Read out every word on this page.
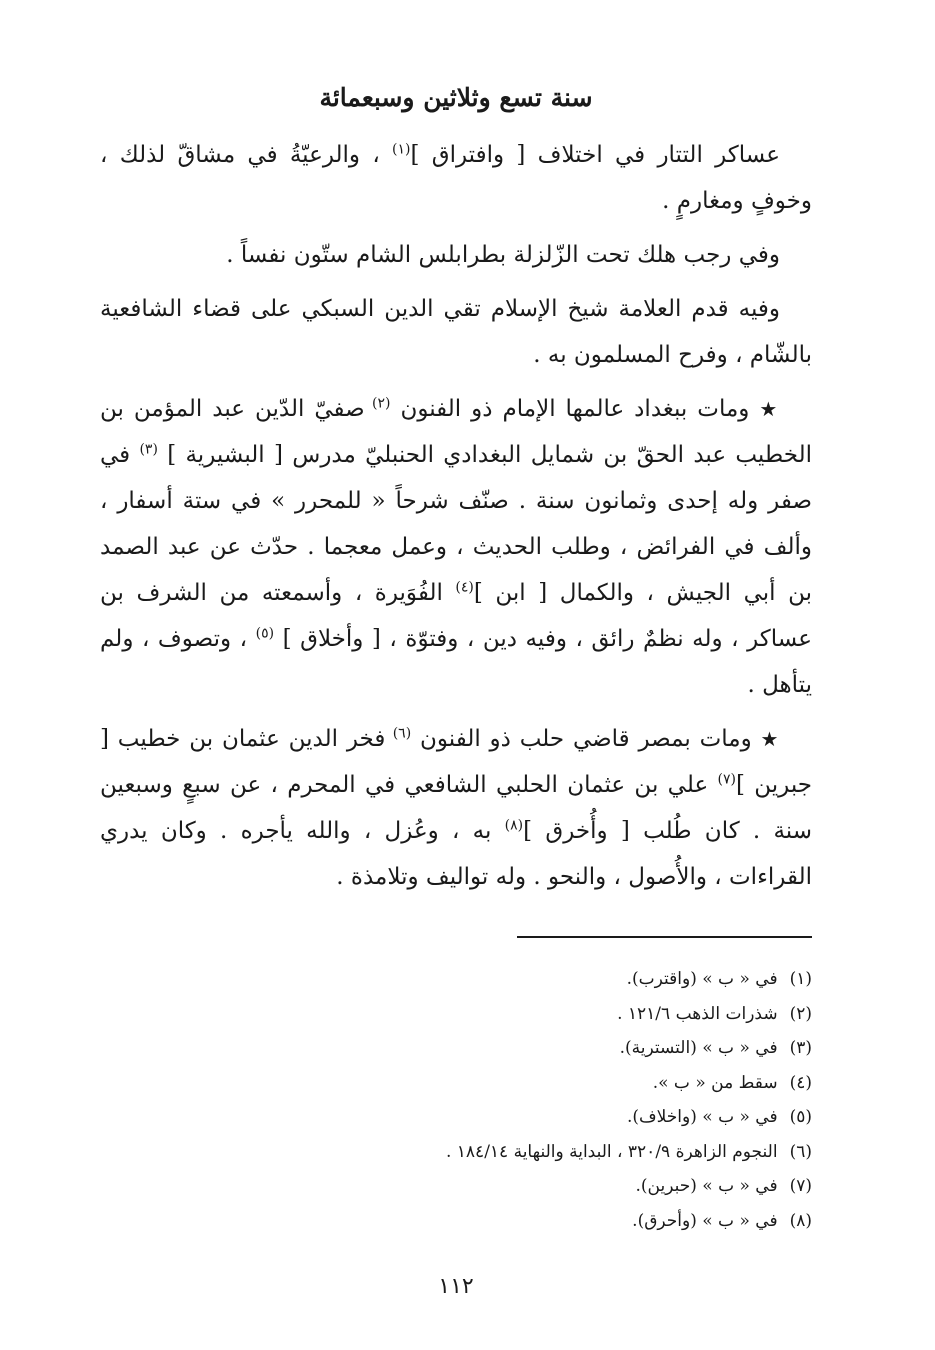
سنة تسع وثلاثين وسبعمائة

عساكر التتار في اختلاف [ وافتراق ]$^{(١)}$ ، والرعيّةُ في مشاقّ لذلك ، وخوفٍ ومغارمٍ .

وفي رجب هلك تحت الزّلزلة بطرابلس الشام ستّون نفساً .

وفيه قدم العلامة شيخ الإسلام تقي الدين السبكي على قضاء الشافعية بالشّام ، وفرح المسلمون به .

★ ومات ببغداد عالمها الإمام ذو الفنون $^{(٢)}$ صفيّ الدّين عبد المؤمن بن الخطيب عبد الحقّ بن شمايل البغدادي الحنبليّ مدرس [ البشيرية ] $^{(٣)}$ في صفر وله إحدى وثمانون سنة . صنّف شرحاً « للمحرر » في ستة أسفار ، وألف في الفرائض ، وطلب الحديث ، وعمل معجما . حدّث عن عبد الصمد بن أبي الجيش ، والكمال [ ابن ]$^{(٤)}$ الفُوَيرة ، وأسمعته من الشرف بن عساكر ، وله نظمٌ رائق ، وفيه دين ، وفتوّة ، [ وأخلاق ] $^{(٥)}$ ، وتصوف ، ولم يتأهل .

★ ومات بمصر قاضي حلب ذو الفنون $^{(٦)}$ فخر الدين عثمان بن خطيب [ جبرين ]$^{(٧)}$ علي بن عثمان الحلبي الشافعي في المحرم ، عن سبعٍ وسبعين سنة . كان طُلب [ وأُخرق ]$^{(٨)}$ به ، وعُزل ، والله يأجره . وكان يدري القراءات ، والأُصول ، والنحو . وله تواليف وتلامذة .

(١)في « ب » (واقترب).
(٢)شذرات الذهب ١٢١/٦ .
(٣)في « ب » (التسترية).
(٤)سقط من « ب ».
(٥)في « ب » (واخلاف).
(٦)النجوم الزاهرة ٣٢٠/٩ ، البداية والنهاية ١٨٤/١٤ .
(٧)في « ب » (حبرين).
(٨)في « ب » (وأحرق).
١١٢
